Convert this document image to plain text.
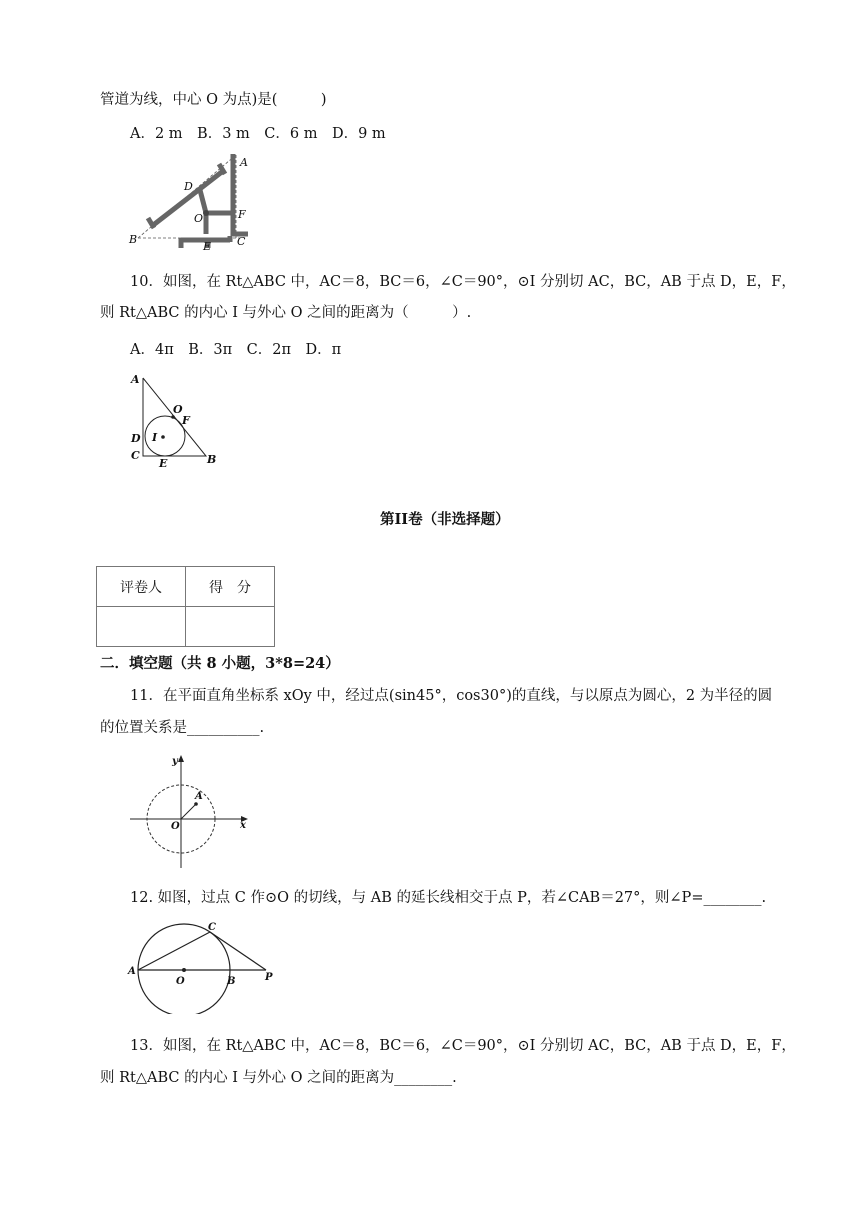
管道为线，中心 O 为点)是(　　　)
A．2 m　B．3 m　C．6 m　D．9 m
A
D
O	F
B
E C
10．如图，在 Rt△ABC 中，AC＝8，BC＝6，∠C＝90°，⊙I 分别切 AC，BC，AB 于点 D，E，F，
则 Rt△ABC 的内心 I 与外心 O 之间的距离为（　　　）.
A．4π　B．3π　C．2π　D．π
A
O
F
D I
C
E	B
第II卷（非选择题）
评卷人	得　分

二．填空题（共 8 小题，3*8=24）
11．在平面直角坐标系 xOy 中，经过点(sin45°，cos30°)的直线，与以原点为圆心，2 为半径的圆
的位置关系是__________.
y
x
O
A
12. 如图，过点 C 作⊙O 的切线，与 AB 的延长线相交于点 P，若∠CAB＝27°，则∠P=________.
A
C
O	B	P
13．如图，在 Rt△ABC 中，AC＝8，BC＝6，∠C＝90°，⊙I 分别切 AC，BC，AB 于点 D，E，F，
则 Rt△ABC 的内心 I 与外心 O 之间的距离为________.
